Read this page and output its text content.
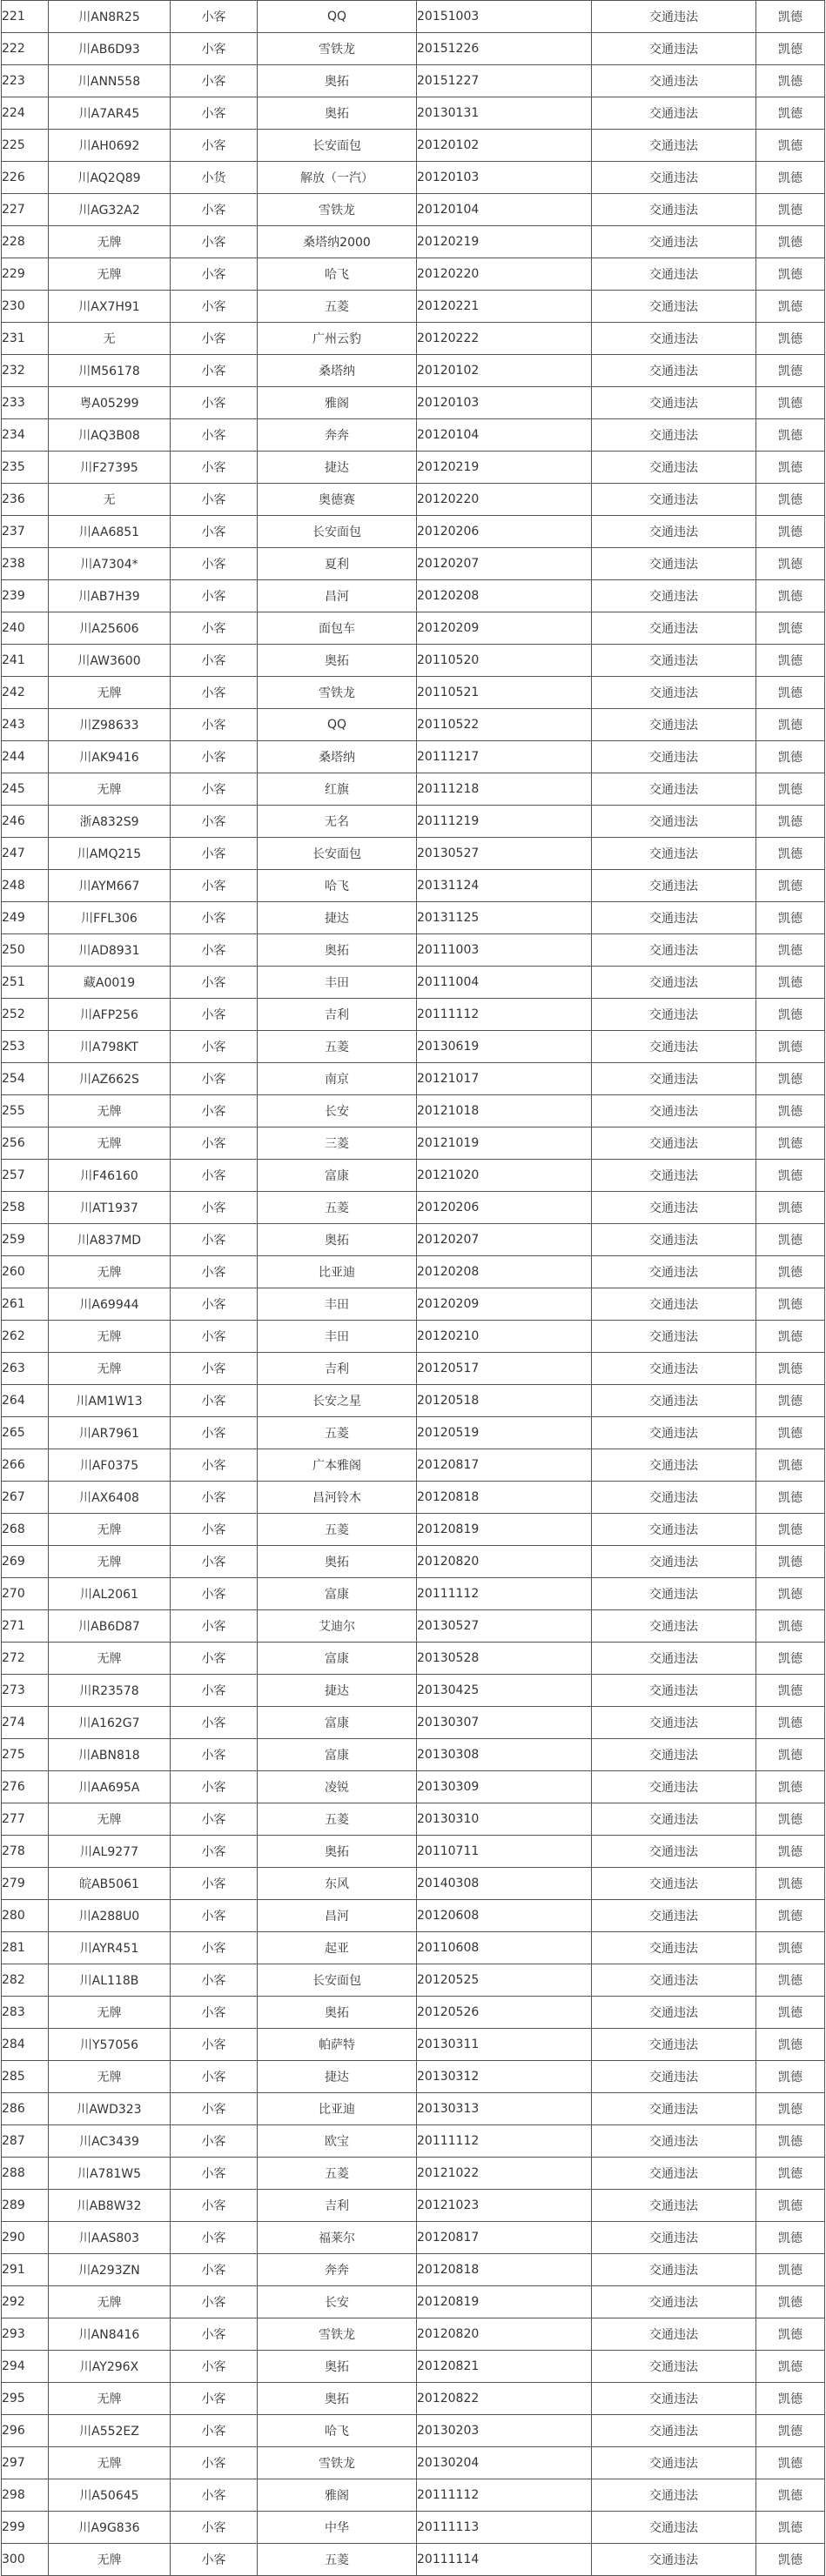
221	川AN8R25	小客	QQ	20151003	交通违法	凯德
222	川AB6D93	小客	雪铁龙	20151226	交通违法	凯德
223	川ANN558	小客	奥拓	20151227	交通违法	凯德
224	川A7AR45	小客	奥拓	20130131	交通违法	凯德
225	川AH0692	小客	长安面包	20120102	交通违法	凯德
226	川AQ2Q89	小货	解放（一汽）	20120103	交通违法	凯德
227	川AG32A2	小客	雪铁龙	20120104	交通违法	凯德
228	无牌	小客	桑塔纳2000	20120219	交通违法	凯德
229	无牌	小客	哈飞	20120220	交通违法	凯德
230	川AX7H91	小客	五菱	20120221	交通违法	凯德
231	无	小客	广州云豹	20120222	交通违法	凯德
232	川M56178	小客	桑塔纳	20120102	交通违法	凯德
233	粤A05299	小客	雅阁	20120103	交通违法	凯德
234	川AQ3B08	小客	奔奔	20120104	交通违法	凯德
235	川F27395	小客	捷达	20120219	交通违法	凯德
236	无	小客	奥德赛	20120220	交通违法	凯德
237	川AA6851	小客	长安面包	20120206	交通违法	凯德
238	川A7304*	小客	夏利	20120207	交通违法	凯德
239	川AB7H39	小客	昌河	20120208	交通违法	凯德
240	川A25606	小客	面包车	20120209	交通违法	凯德
241	川AW3600	小客	奥拓	20110520	交通违法	凯德
242	无牌	小客	雪铁龙	20110521	交通违法	凯德
243	川Z98633	小客	QQ	20110522	交通违法	凯德
244	川AK9416	小客	桑塔纳	20111217	交通违法	凯德
245	无牌	小客	红旗	20111218	交通违法	凯德
246	浙A832S9	小客	无名	20111219	交通违法	凯德
247	川AMQ215	小客	长安面包	20130527	交通违法	凯德
248	川AYM667	小客	哈飞	20131124	交通违法	凯德
249	川FFL306	小客	捷达	20131125	交通违法	凯德
250	川AD8931	小客	奥拓	20111003	交通违法	凯德
251	藏A0019	小客	丰田	20111004	交通违法	凯德
252	川AFP256	小客	吉利	20111112	交通违法	凯德
253	川A798KT	小客	五菱	20130619	交通违法	凯德
254	川AZ662S	小客	南京	20121017	交通违法	凯德
255	无牌	小客	长安	20121018	交通违法	凯德
256	无牌	小客	三菱	20121019	交通违法	凯德
257	川F46160	小客	富康	20121020	交通违法	凯德
258	川AT1937	小客	五菱	20120206	交通违法	凯德
259	川A837MD	小客	奥拓	20120207	交通违法	凯德
260	无牌	小客	比亚迪	20120208	交通违法	凯德
261	川A69944	小客	丰田	20120209	交通违法	凯德
262	无牌	小客	丰田	20120210	交通违法	凯德
263	无牌	小客	吉利	20120517	交通违法	凯德
264	川AM1W13	小客	长安之星	20120518	交通违法	凯德
265	川AR7961	小客	五菱	20120519	交通违法	凯德
266	川AF0375	小客	广本雅阁	20120817	交通违法	凯德
267	川AX6408	小客	昌河铃木	20120818	交通违法	凯德
268	无牌	小客	五菱	20120819	交通违法	凯德
269	无牌	小客	奥拓	20120820	交通违法	凯德
270	川AL2061	小客	富康	20111112	交通违法	凯德
271	川AB6D87	小客	艾迪尔	20130527	交通违法	凯德
272	无牌	小客	富康	20130528	交通违法	凯德
273	川R23578	小客	捷达	20130425	交通违法	凯德
274	川A162G7	小客	富康	20130307	交通违法	凯德
275	川ABN818	小客	富康	20130308	交通违法	凯德
276	川AA695A	小客	凌锐	20130309	交通违法	凯德
277	无牌	小客	五菱	20130310	交通违法	凯德
278	川AL9277	小客	奥拓	20110711	交通违法	凯德
279	皖AB5061	小客	东风	20140308	交通违法	凯德
280	川A288U0	小客	昌河	20120608	交通违法	凯德
281	川AYR451	小客	起亚	20110608	交通违法	凯德
282	川AL118B	小客	长安面包	20120525	交通违法	凯德
283	无牌	小客	奥拓	20120526	交通违法	凯德
284	川Y57056	小客	帕萨特	20130311	交通违法	凯德
285	无牌	小客	捷达	20130312	交通违法	凯德
286	川AWD323	小客	比亚迪	20130313	交通违法	凯德
287	川AC3439	小客	欧宝	20111112	交通违法	凯德
288	川A781W5	小客	五菱	20121022	交通违法	凯德
289	川AB8W32	小客	吉利	20121023	交通违法	凯德
290	川AAS803	小客	福莱尔	20120817	交通违法	凯德
291	川A293ZN	小客	奔奔	20120818	交通违法	凯德
292	无牌	小客	长安	20120819	交通违法	凯德
293	川AN8416	小客	雪铁龙	20120820	交通违法	凯德
294	川AY296X	小客	奥拓	20120821	交通违法	凯德
295	无牌	小客	奥拓	20120822	交通违法	凯德
296	川A552EZ	小客	哈飞	20130203	交通违法	凯德
297	无牌	小客	雪铁龙	20130204	交通违法	凯德
298	川A50645	小客	雅阁	20111112	交通违法	凯德
299	川A9G836	小客	中华	20111113	交通违法	凯德
300	无牌	小客	五菱	20111114	交通违法	凯德
